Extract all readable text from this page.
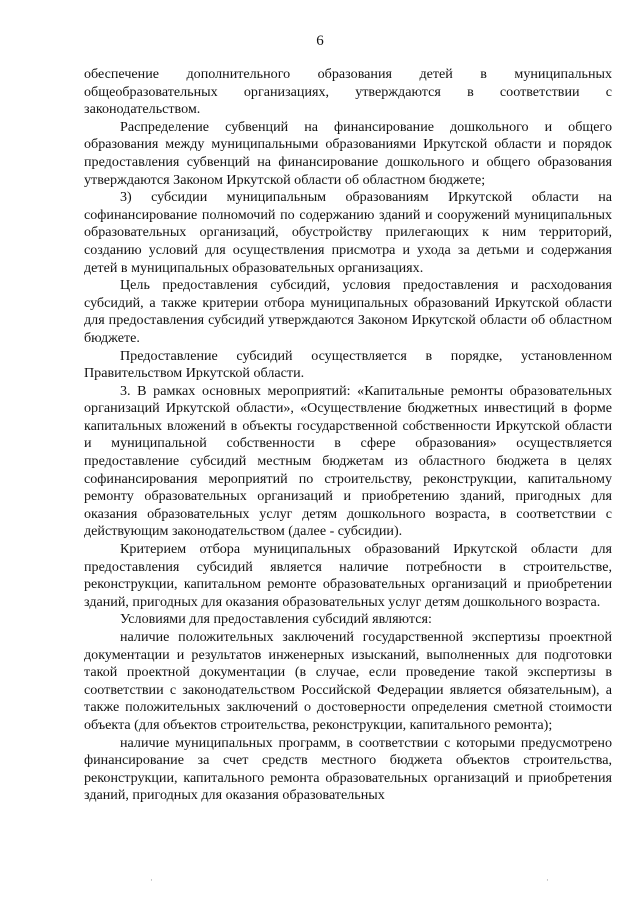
6

обеспечение дополнительного образования детей в муниципальных общеобразовательных организациях, утверждаются в соответствии с законодательством.

Распределение субвенций на финансирование дошкольного и общего образования между муниципальными образованиями Иркутской области и порядок предоставления субвенций на финансирование дошкольного и общего образования утверждаются Законом Иркутской области об областном бюджете;

3) субсидии муниципальным образованиям Иркутской области на софинансирование полномочий по содержанию зданий и сооружений муниципальных образовательных организаций, обустройству прилегающих к ним территорий, созданию условий для осуществления присмотра и ухода за детьми и содержания детей в муниципальных образовательных организациях.

Цель предоставления субсидий, условия предоставления и расходования субсидий, а также критерии отбора муниципальных образований Иркутской области для предоставления субсидий утверждаются Законом Иркутской области об областном бюджете.

Предоставление субсидий осуществляется в порядке, установленном Правительством Иркутской области.

3. В рамках основных мероприятий: «Капитальные ремонты образовательных организаций Иркутской области», «Осуществление бюджетных инвестиций в форме капитальных вложений в объекты государственной собственности Иркутской области и муниципальной собственности в сфере образования» осуществляется предоставление субсидий местным бюджетам из областного бюджета в целях софинансирования мероприятий по строительству, реконструкции, капитальному ремонту образовательных организаций и приобретению зданий, пригодных для оказания образовательных услуг детям дошкольного возраста, в соответствии с действующим законодательством (далее - субсидии).

Критерием отбора муниципальных образований Иркутской области для предоставления субсидий является наличие потребности в строительстве, реконструкции, капитальном ремонте образовательных организаций и приобретении зданий, пригодных для оказания образовательных услуг детям дошкольного возраста.

Условиями для предоставления субсидий являются:

наличие положительных заключений государственной экспертизы проектной документации и результатов инженерных изысканий, выполненных для подготовки такой проектной документации (в случае, если проведение такой экспертизы в соответствии с законодательством Российской Федерации является обязательным), а также положительных заключений о достоверности определения сметной стоимости объекта (для объектов строительства, реконструкции, капитального ремонта);

наличие муниципальных программ, в соответствии с которыми предусмотрено финансирование за счет средств местного бюджета объектов строительства, реконструкции, капитального ремонта образовательных организаций и приобретения зданий, пригодных для оказания образовательных

·	·
